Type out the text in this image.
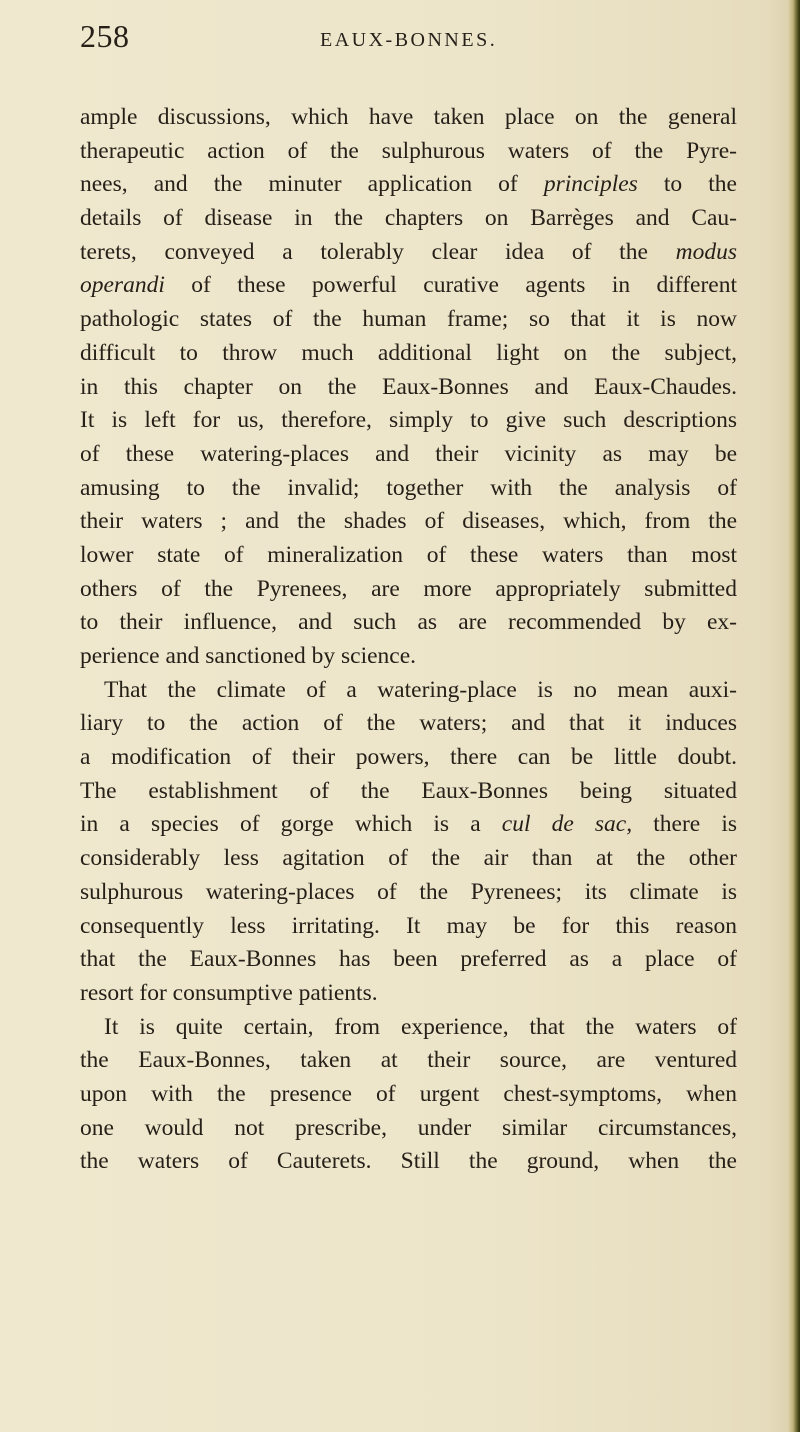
258	EAUX-BONNES.
ample discussions, which have taken place on the general
therapeutic action of the sulphurous waters of the Pyre-
nees, and the minuter application of principles to the
details of disease in the chapters on Barrèges and Cau-
terets, conveyed a tolerably clear idea of the modus
operandi of these powerful curative agents in different
pathologic states of the human frame; so that it is now
difficult to throw much additional light on the subject,
in this chapter on the Eaux-Bonnes and Eaux-Chaudes.
It is left for us, therefore, simply to give such descriptions
of these watering-places and their vicinity as may be
amusing to the invalid; together with the analysis of
their waters ; and the shades of diseases, which, from the
lower state of mineralization of these waters than most
others of the Pyrenees, are more appropriately submitted
to their influence, and such as are recommended by ex-
perience and sanctioned by science.
That the climate of a watering-place is no mean auxi-
liary to the action of the waters; and that it induces
a modification of their powers, there can be little doubt.
The establishment of the Eaux-Bonnes being situated
in a species of gorge which is a cul de sac, there is
considerably less agitation of the air than at the other
sulphurous watering-places of the Pyrenees; its climate is
consequently less irritating. It may be for this reason
that the Eaux-Bonnes has been preferred as a place of
resort for consumptive patients.
It is quite certain, from experience, that the waters of
the Eaux-Bonnes, taken at their source, are ventured
upon with the presence of urgent chest-symptoms, when
one would not prescribe, under similar circumstances,
the waters of Cauterets. Still the ground, when the
